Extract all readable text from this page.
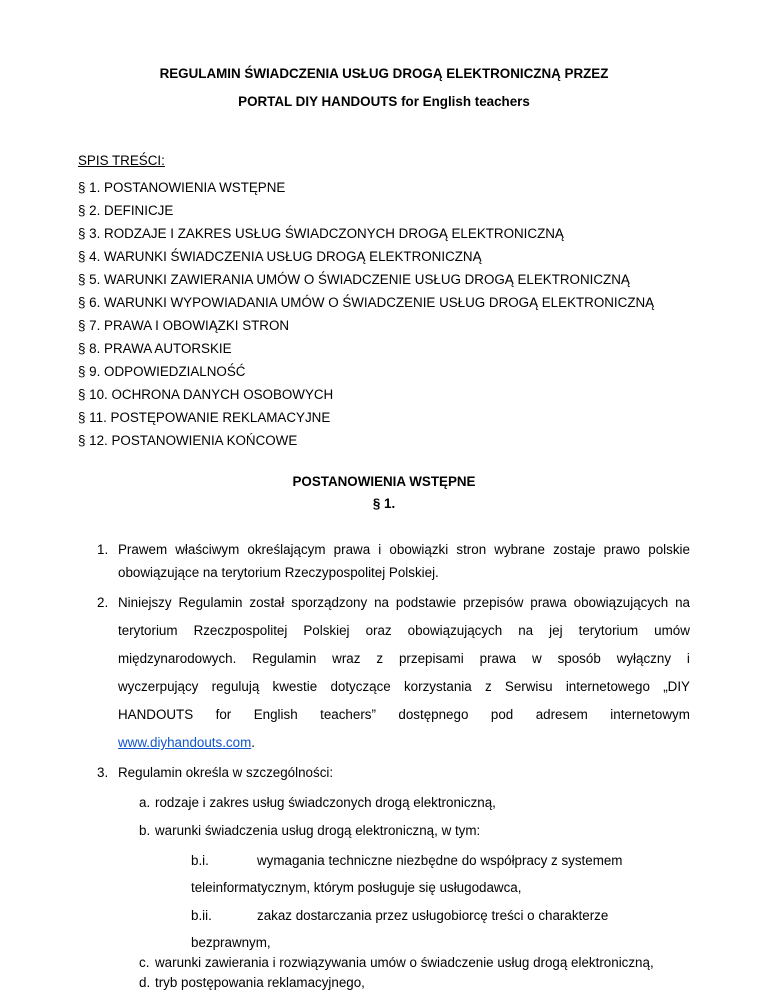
REGULAMIN ŚWIADCZENIA USŁUG DROGĄ ELEKTRONICZNĄ PRZEZ
PORTAL DIY HANDOUTS for English teachers
SPIS TREŚCI:
§ 1. POSTANOWIENIA WSTĘPNE
§ 2. DEFINICJE
§ 3. RODZAJE I ZAKRES USŁUG ŚWIADCZONYCH DROGĄ ELEKTRONICZNĄ
§ 4. WARUNKI ŚWIADCZENIA USŁUG DROGĄ ELEKTRONICZNĄ
§ 5. WARUNKI ZAWIERANIA UMÓW O ŚWIADCZENIE USŁUG DROGĄ ELEKTRONICZNĄ
§ 6. WARUNKI WYPOWIADANIA UMÓW O ŚWIADCZENIE USŁUG DROGĄ ELEKTRONICZNĄ
§ 7. PRAWA I OBOWIĄZKI STRON
§ 8. PRAWA AUTORSKIE
§ 9. ODPOWIEDZIALNOŚĆ
§ 10. OCHRONA DANYCH OSOBOWYCH
§ 11. POSTĘPOWANIE REKLAMACYJNE
§ 12. POSTANOWIENIA KOŃCOWE
POSTANOWIENIA WSTĘPNE
§ 1.
1. Prawem właściwym określającym prawa i obowiązki stron wybrane zostaje prawo polskie
obowiązujące na terytorium Rzeczypospolitej Polskiej.
2. Niniejszy Regulamin został sporządzony na podstawie przepisów prawa obowiązujących na
terytorium Rzeczpospolitej Polskiej oraz obowiązujących na jej terytorium umów
międzynarodowych. Regulamin wraz z przepisami prawa w sposób wyłączny i
wyczerpujący regulują kwestie dotyczące korzystania z Serwisu internetowego „DIY
HANDOUTS for English teachers” dostępnego pod adresem internetowym
www.diyhandouts.com.
3. Regulamin określa w szczególności:
a. rodzaje i zakres usług świadczonych drogą elektroniczną,
b. warunki świadczenia usług drogą elektroniczną, w tym:
b.i.	wymagania techniczne niezbędne do współpracy z systemem
teleinformatycznym, którym posługuje się usługodawca,
b.ii.	zakaz dostarczania przez usługobiorcę treści o charakterze
bezprawnym,
c. warunki zawierania i rozwiązywania umów o świadczenie usług drogą elektroniczną,
d. tryb postępowania reklamacyjnego,
